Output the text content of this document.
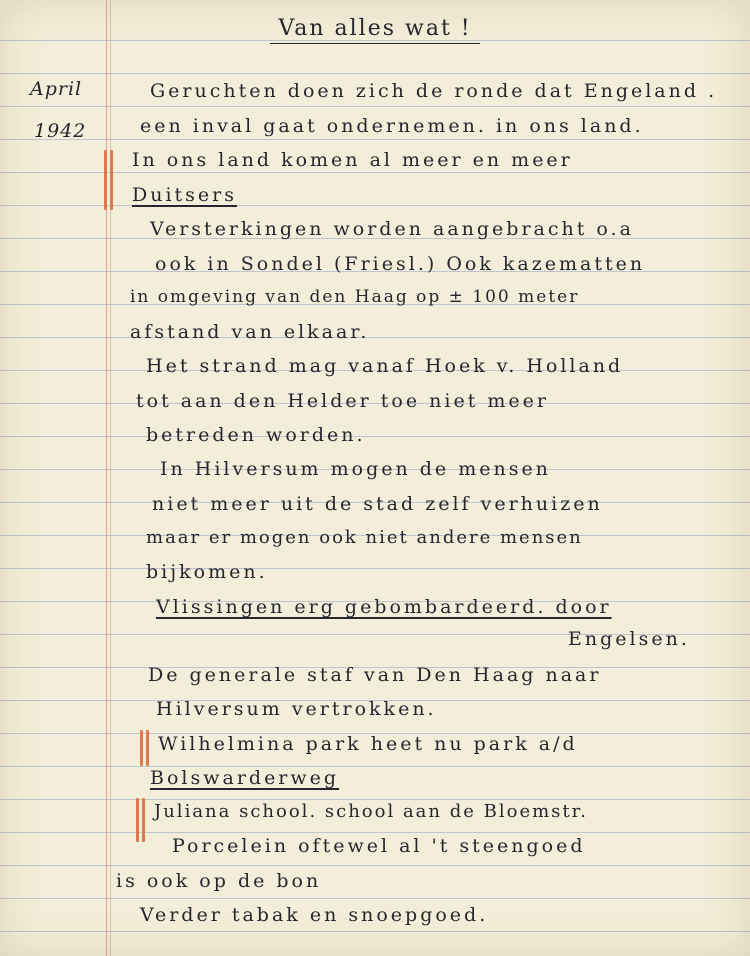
Van alles wat !
April
1942
Geruchten doen zich de ronde dat Engeland .
een inval gaat ondernemen. in ons land.
In ons land komen al meer en meer
Duitsers
Versterkingen worden aangebracht o.a
ook in Sondel (Friesl.) Ook kazematten
in omgeving van den Haag op ± 100 meter
afstand van elkaar.
Het strand mag vanaf Hoek v. Holland
tot aan den Helder toe niet meer
betreden worden.
In Hilversum mogen de mensen
niet meer uit de stad zelf verhuizen
maar er mogen ook niet andere mensen
bijkomen.
Vlissingen erg gebombardeerd. door
Engelsen.
De generale staf van Den Haag naar
Hilversum vertrokken.
Wilhelmina park heet nu park a/d
Bolswarderweg
Juliana school. school aan de Bloemstr.
Porcelein oftewel al 't steengoed
is ook op de bon
Verder tabak en snoepgoed.
